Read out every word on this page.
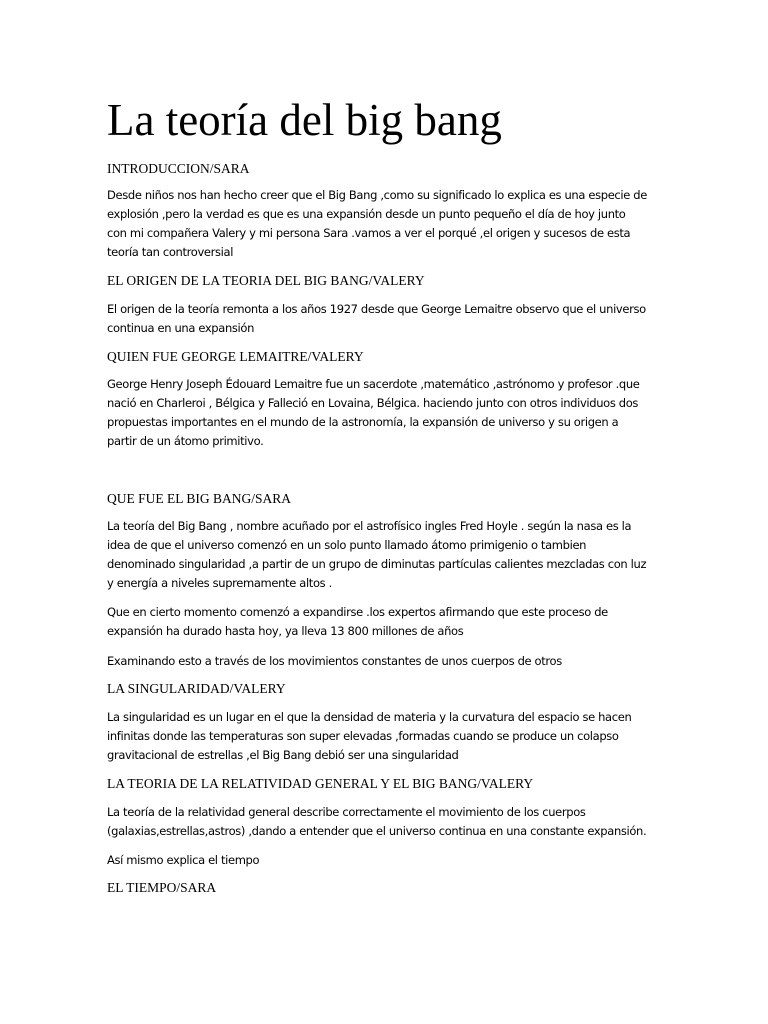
La teoría del big bang
INTRODUCCION/SARA
Desde niños nos han hecho creer que el Big Bang ,como su significado lo explica es una especie de
explosión ,pero la verdad es que es una expansión desde un punto pequeño el día de hoy junto
con mi compañera Valery y mi persona Sara .vamos a ver el porqué ,el origen y sucesos de esta
teoría tan controversial
EL ORIGEN DE LA TEORIA DEL BIG BANG/VALERY
El origen de la teoría remonta a los años 1927 desde que George Lemaitre observo que el universo
continua en una expansión
QUIEN FUE GEORGE LEMAITRE/VALERY
George Henry Joseph Édouard Lemaitre fue un sacerdote ,matemático ,astrónomo y profesor .que
nació en Charleroi , Bélgica y Falleció en Lovaina, Bélgica. haciendo junto con otros individuos dos
propuestas importantes en el mundo de la astronomía, la expansión de universo y su origen a
partir de un átomo primitivo.
QUE FUE EL BIG BANG/SARA
La teoría del Big Bang , nombre acuñado por el astrofísico ingles Fred Hoyle . según la nasa es la
idea de que el universo comenzó en un solo punto llamado átomo primigenio o tambien
denominado singularidad ,a partir de un grupo de diminutas partículas calientes mezcladas con luz
y energía a niveles supremamente altos .
Que en cierto momento comenzó a expandirse .los expertos afirmando que este proceso de
expansión ha durado hasta hoy, ya lleva 13 800 millones de años
Examinando esto a través de los movimientos constantes de unos cuerpos de otros
LA SINGULARIDAD/VALERY
La singularidad es un lugar en el que la densidad de materia y la curvatura del espacio se hacen
infinitas donde las temperaturas son super elevadas ,formadas cuando se produce un colapso
gravitacional de estrellas ,el Big Bang debió ser una singularidad
LA TEORIA DE LA RELATIVIDAD GENERAL Y EL BIG BANG/VALERY
La teoría de la relatividad general describe correctamente el movimiento de los cuerpos
(galaxias,estrellas,astros) ,dando a entender que el universo continua en una constante expansión.
Así mismo explica el tiempo
EL TIEMPO/SARA
